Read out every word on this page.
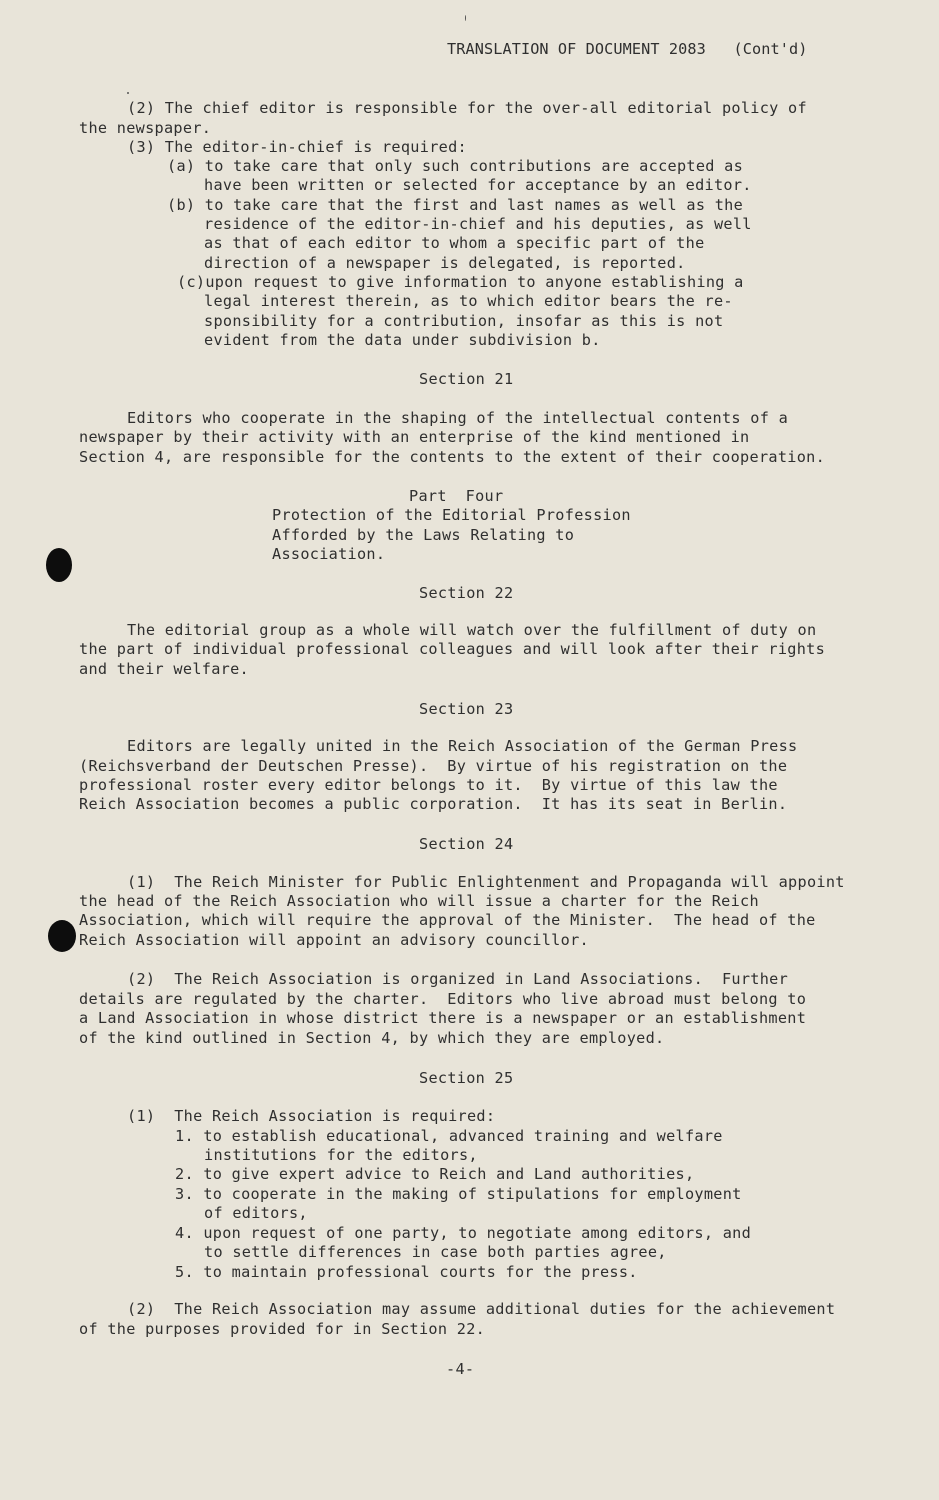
TRANSLATION OF DOCUMENT 2083   (Cont'd)
(2) The chief editor is responsible for the over-all editorial policy of
the newspaper.
(3) The editor-in-chief is required:
(a) to take care that only such contributions are accepted as
have been written or selected for acceptance by an editor.
(b) to take care that the first and last names as well as the
residence of the editor-in-chief and his deputies, as well
as that of each editor to whom a specific part of the
direction of a newspaper is delegated, is reported.
(c)upon request to give information to anyone establishing a
legal interest therein, as to which editor bears the re-
sponsibility for a contribution, insofar as this is not
evident from the data under subdivision b.
Section 21
Editors who cooperate in the shaping of the intellectual contents of a
newspaper by their activity with an enterprise of the kind mentioned in
Section 4, are responsible for the contents to the extent of their cooperation.
Part  Four
Protection of the Editorial Profession
Afforded by the Laws Relating to
Association.
Section 22
The editorial group as a whole will watch over the fulfillment of duty on
the part of individual professional colleagues and will look after their rights
and their welfare.
Section 23
Editors are legally united in the Reich Association of the German Press
(Reichsverband der Deutschen Presse).  By virtue of his registration on the
professional roster every editor belongs to it.  By virtue of this law the
Reich Association becomes a public corporation.  It has its seat in Berlin.
Section 24
(1)  The Reich Minister for Public Enlightenment and Propaganda will appoint
the head of the Reich Association who will issue a charter for the Reich
Association, which will require the approval of the Minister.  The head of the
Reich Association will appoint an advisory councillor.
(2)  The Reich Association is organized in Land Associations.  Further
details are regulated by the charter.  Editors who live abroad must belong to
a Land Association in whose district there is a newspaper or an establishment
of the kind outlined in Section 4, by which they are employed.
Section 25
(1)  The Reich Association is required:
1. to establish educational, advanced training and welfare
institutions for the editors,
2. to give expert advice to Reich and Land authorities,
3. to cooperate in the making of stipulations for employment
of editors,
4. upon request of one party, to negotiate among editors, and
to settle differences in case both parties agree,
5. to maintain professional courts for the press.
(2)  The Reich Association may assume additional duties for the achievement
of the purposes provided for in Section 22.
-4-
